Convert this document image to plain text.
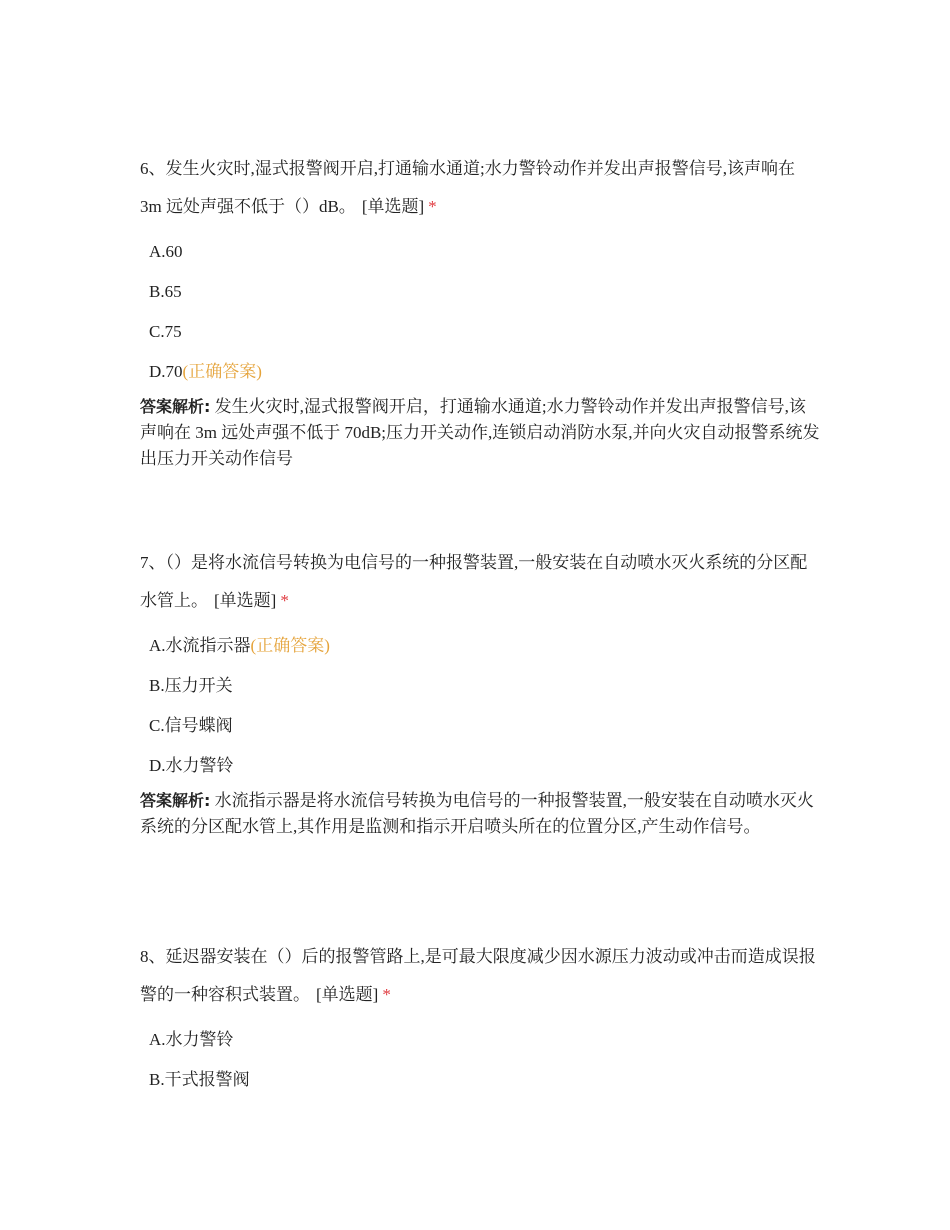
6、发生火灾时,湿式报警阀开启,打通输水通道;水力警铃动作并发出声报警信号,该声响在 3m 远处声强不低于（）dB。 [单选题] *

A.60
B.65
C.75
D.70(正确答案)

答案解析: 发生火灾时,湿式报警阀开启，打通输水通道;水力警铃动作并发出声报警信号,该声响在 3m 远处声强不低于 70dB;压力开关动作,连锁启动消防水泵,并向火灾自动报警系统发出压力开关动作信号

7、（）是将水流信号转换为电信号的一种报警装置,一般安装在自动喷水灭火系统的分区配水管上。 [单选题] *

A.水流指示器(正确答案)
B.压力开关
C.信号蝶阀
D.水力警铃

答案解析: 水流指示器是将水流信号转换为电信号的一种报警装置,一般安装在自动喷水灭火系统的分区配水管上,其作用是监测和指示开启喷头所在的位置分区,产生动作信号。

8、延迟器安装在（）后的报警管路上,是可最大限度减少因水源压力波动或冲击而造成误报警的一种容积式装置。 [单选题] *

A.水力警铃
B.干式报警阀
